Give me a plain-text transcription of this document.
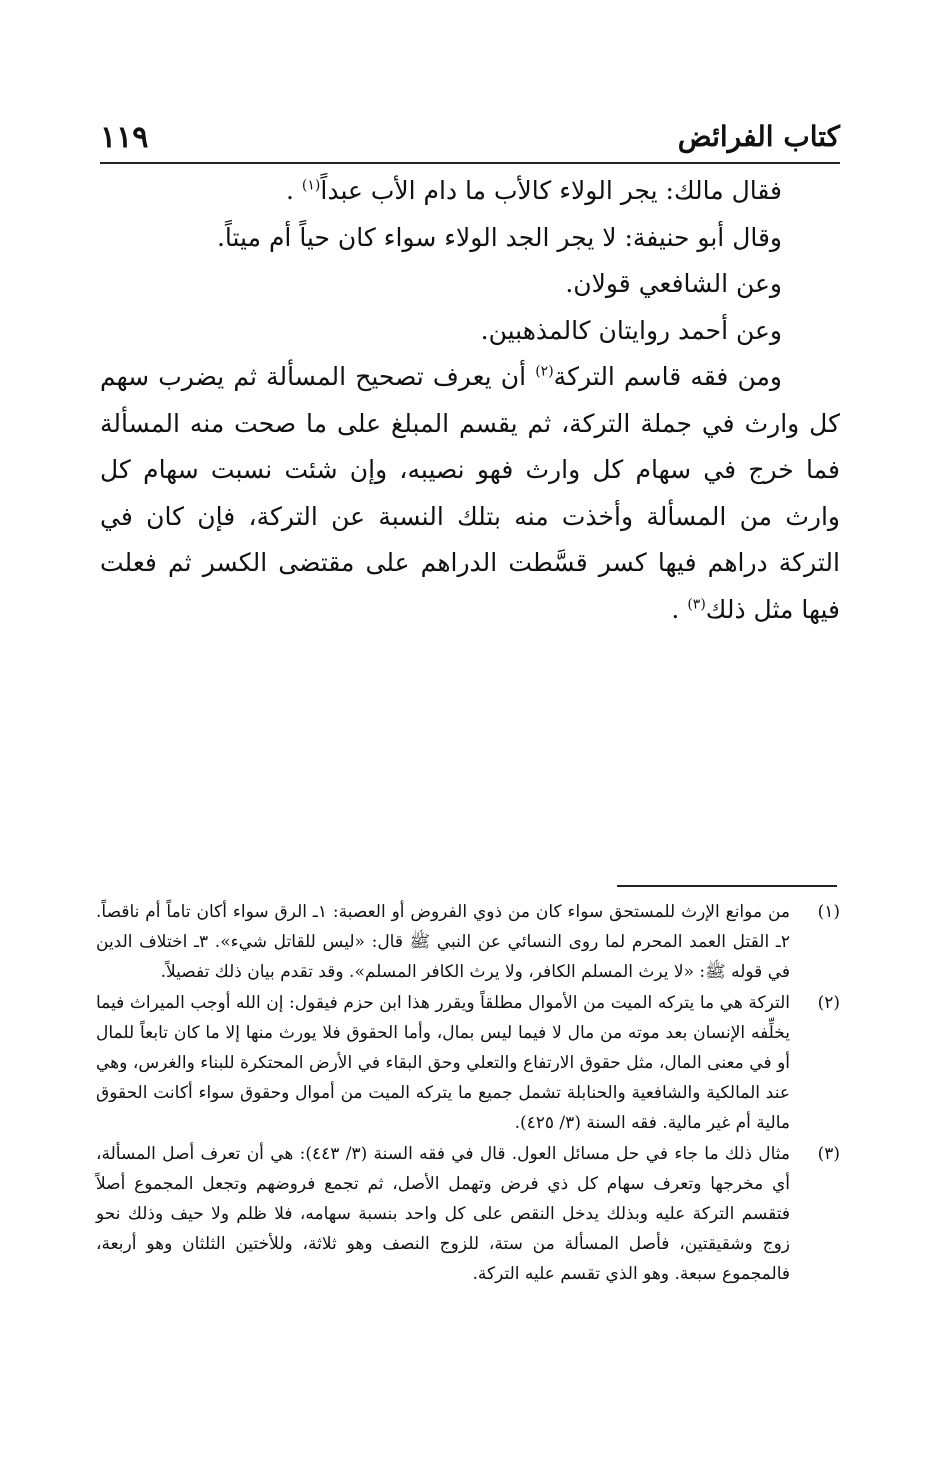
١١٩	كتاب الفرائض

فقال مالك: يجر الولاء كالأب ما دام الأب عبداً$^{(١)}$ .

وقال أبو حنيفة: لا يجر الجد الولاء سواء كان حياً أم ميتاً.

وعن الشافعي قولان.

وعن أحمد روايتان كالمذهبين.

ومن فقه قاسم التركة$^{(٢)}$ أن يعرف تصحيح المسألة ثم يضرب سهم كل وارث في جملة التركة، ثم يقسم المبلغ على ما صحت منه المسألة فما خرج في سهام كل وارث فهو نصيبه، وإن شئت نسبت سهام كل وارث من المسألة وأخذت منه بتلك النسبة عن التركة، فإن كان في التركة دراهم فيها كسر قسَّطت الدراهم على مقتضى الكسر ثم فعلت فيها مثل ذلك$^{(٣)}$ .

(١)
من موانع الإرث للمستحق سواء كان من ذوي الفروض أو العصبة: ١ـ الرق سواء أكان تاماً أم ناقصاً. ٢ـ القتل العمد المحرم لما روى النسائي عن النبي ﷺ قال: «ليس للقاتل شيء». ٣ـ اختلاف الدين في قوله ﷺ: «لا يرث المسلم الكافر، ولا يرث الكافر المسلم». وقد تقدم بيان ذلك تفصيلاً.
(٢)
التركة هي ما يتركه الميت من الأموال مطلقاً ويقرر هذا ابن حزم فيقول: إن الله أوجب الميراث فيما يخلِّفه الإنسان بعد موته من مال لا فيما ليس بمال، وأما الحقوق فلا يورث منها إلا ما كان تابعاً للمال أو في معنى المال، مثل حقوق الارتفاع والتعلي وحق البقاء في الأرض المحتكرة للبناء والغرس، وهي عند المالكية والشافعية والحنابلة تشمل جميع ما يتركه الميت من أموال وحقوق سواء أكانت الحقوق مالية أم غير مالية. فقه السنة (٣/ ٤٢٥).
(٣)
مثال ذلك ما جاء في حل مسائل العول. قال في فقه السنة (٣/ ٤٤٣): هي أن تعرف أصل المسألة، أي مخرجها وتعرف سهام كل ذي فرض وتهمل الأصل، ثم تجمع فروضهم وتجعل المجموع أصلاً فتقسم التركة عليه وبذلك يدخل النقص على كل واحد بنسبة سهامه، فلا ظلم ولا حيف وذلك نحو زوج وشقيقتين، فأصل المسألة من ستة، للزوج النصف وهو ثلاثة، وللأختين الثلثان وهو أربعة، فالمجموع سبعة. وهو الذي تقسم عليه التركة.
